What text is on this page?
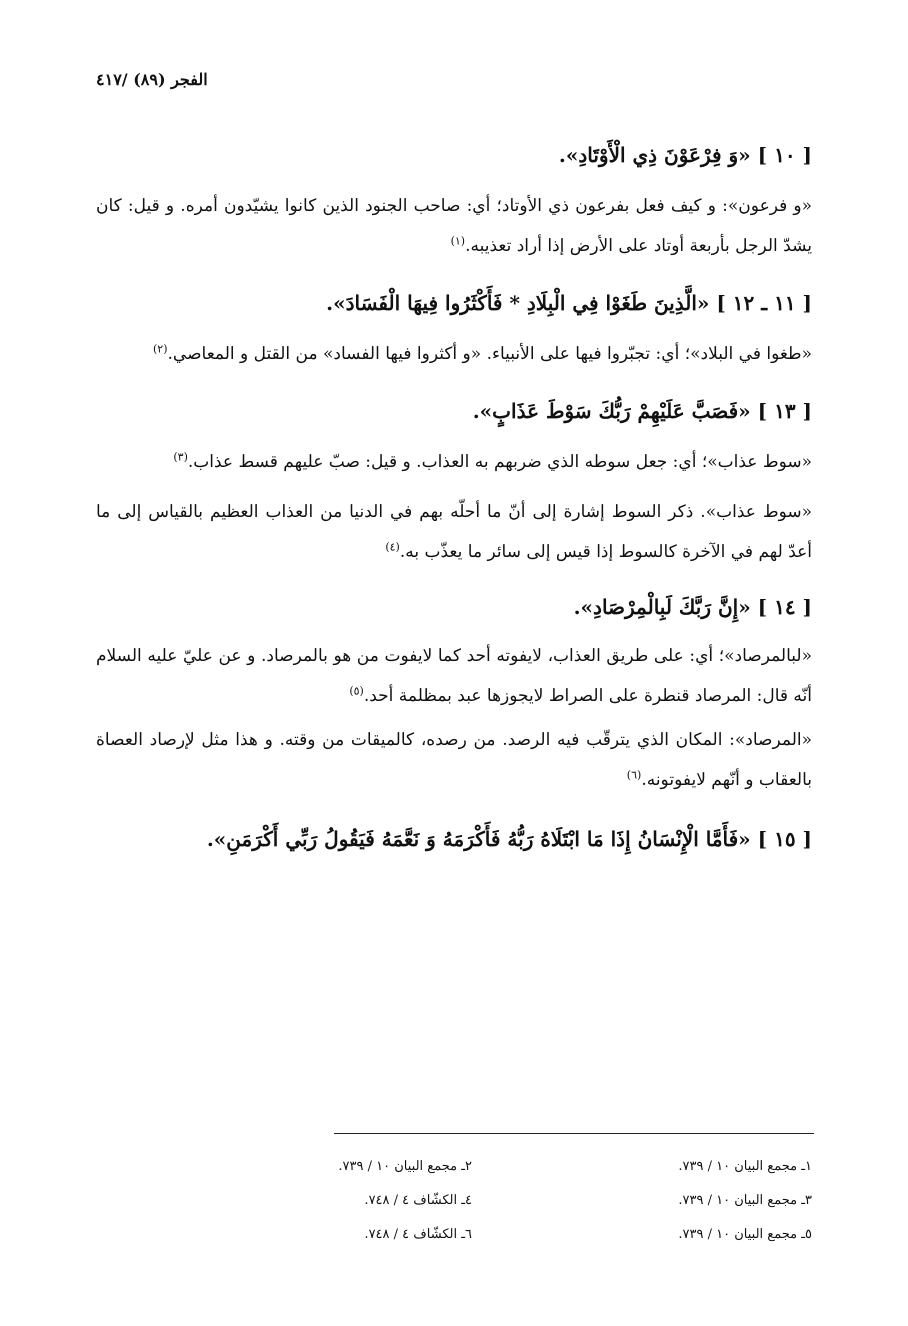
الفجر (٨٩) /٤١٧

[ ١٠ ] «وَ فِرْعَوْنَ ذِي الْأَوْتَادِ».

«و فرعون»: و كيف فعل بفرعون ذي الأوتاد؛ أي: صاحب الجنود الذين كانوا يشيّدون أمره. و قيل: كان يشدّ الرجل بأربعة أوتاد على الأرض إذا أراد تعذيبه.$^{(١)}$

[ ١١ ـ ١٢ ] «الَّذِينَ طَغَوْا فِي الْبِلَادِ * فَأَكْثَرُوا فِيهَا الْفَسَادَ».

«طغوا في البلاد»؛ أي: تجبّروا فيها على الأنبياء. «و أكثروا فيها الفساد» من القتل و المعاصي.$^{(٢)}$

[ ١٣ ] «فَصَبَّ عَلَيْهِمْ رَبُّكَ سَوْطَ عَذَابٍ».

«سوط عذاب»؛ أي: جعل سوطه الذي ضربهم به العذاب. و قيل: صبّ عليهم قسط عذاب.$^{(٣)}$

«سوط عذاب». ذكر السوط إشارة إلى أنّ ما أحلّه بهم في الدنيا من العذاب العظيم بالقياس إلى ما أعدّ لهم في الآخرة كالسوط إذا قيس إلى سائر ما يعذّب به.$^{(٤)}$

[ ١٤ ] «إِنَّ رَبَّكَ لَبِالْمِرْصَادِ».

«لبالمرصاد»؛ أي: على طريق العذاب، لايفوته أحد كما لايفوت من هو بالمرصاد. و عن عليّ عليه السلام أنّه قال: المرصاد قنطرة على الصراط لايجوزها عبد بمظلمة أحد.$^{(٥)}$

«المرصاد»: المكان الذي يترقّب فيه الرصد. من رصده، كالميقات من وقته. و هذا مثل لإرصاد العصاة بالعقاب و أنّهم لايفوتونه.$^{(٦)}$

[ ١٥ ] «فَأَمَّا الْإِنْسَانُ إِذَا مَا ابْتَلَاهُ رَبُّهُ فَأَكْرَمَهُ وَ نَعَّمَهُ فَيَقُولُ رَبِّي أَكْرَمَنِ».

١ـ مجمع البيان ١٠ / ٧٣٩.
٢ـ مجمع البيان ١٠ / ٧٣٩.
٣ـ مجمع البيان ١٠ / ٧٣٩.
٤ـ الكشّاف ٤ / ٧٤٨.
٥ـ مجمع البيان ١٠ / ٧٣٩.
٦ـ الكشّاف ٤ / ٧٤٨.
